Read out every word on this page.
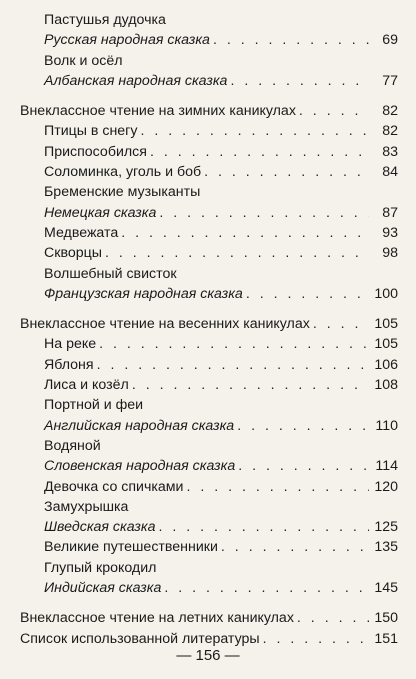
Пастушья дудочка
Русская народная сказка . . .	69
Волк и осёл
Албанская народная сказка . . .	77
Внеклассное чтение на зимних каникулах . . .	82
Птицы в снегу . . .	82
Приспособился . . .	83
Соломинка, уголь и боб . . .	84
Бременские музыканты
Немецкая сказка . . .	87
Медвежата . . .	93
Скворцы . . .	98
Волшебный свисток
Французская народная сказка . . .	100
Внеклассное чтение на весенних каникулах . . .	105
На реке . . .	105
Яблоня . . .	106
Лиса и козёл . . .	108
Портной и феи
Английская народная сказка . . .	110
Водяной
Словенская народная сказка . . .	114
Девочка со спичками . . .	120
Замухрышка
Шведская сказка . . .	125
Великие путешественники . . .	135
Глупый крокодил
Индийская сказка . . .	145
Внеклассное чтение на летних каникулах . . .	150
Список использованной литературы . . .	151
— 156 —
